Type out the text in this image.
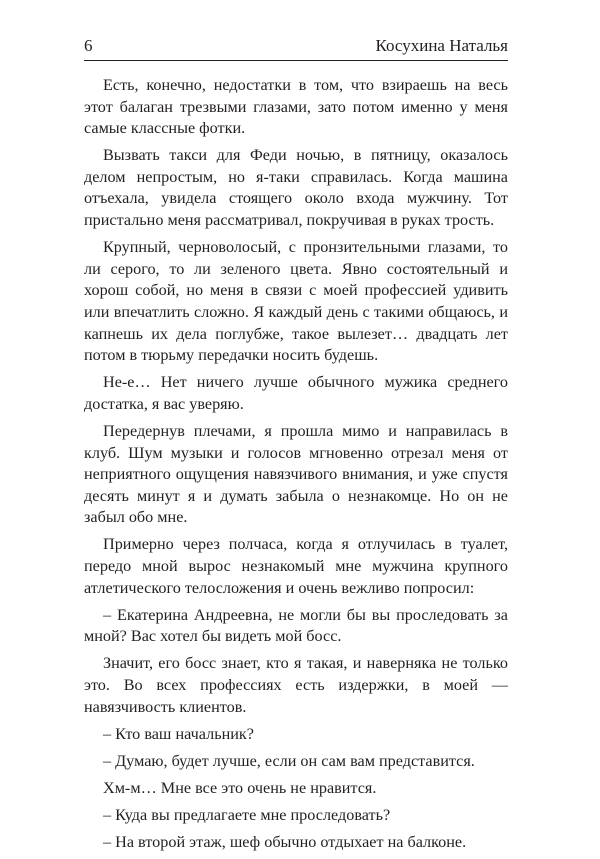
6	Косухина Наталья

Есть, конечно, недостатки в том, что взираешь на весь этот балаган трезвыми глазами, зато потом именно у меня самые классные фотки.

Вызвать такси для Феди ночью, в пятницу, оказалось делом непростым, но я-таки справилась. Когда машина отъехала, увидела стоящего около входа мужчину. Тот пристально меня рассматривал, покручивая в руках трость.

Крупный, черноволосый, с пронзительными глазами, то ли серого, то ли зеленого цвета. Явно состоятельный и хорош собой, но меня в связи с моей профессией удивить или впечатлить сложно. Я каждый день с такими общаюсь, и капнешь их дела поглубже, такое вылезет… двадцать лет потом в тюрьму передачки носить будешь.

Не-е… Нет ничего лучше обычного мужика среднего достатка, я вас уверяю.

Передернув плечами, я прошла мимо и направилась в клуб. Шум музыки и голосов мгновенно отрезал меня от неприятного ощущения навязчивого внимания, и уже спустя десять минут я и думать забыла о незнакомце. Но он не забыл обо мне.

Примерно через полчаса, когда я отлучилась в туалет, передо мной вырос незнакомый мне мужчина крупного атлетического телосложения и очень вежливо попросил:

– Екатерина Андреевна, не могли бы вы проследовать за мной? Вас хотел бы видеть мой босс.

Значит, его босс знает, кто я такая, и наверняка не только это. Во всех профессиях есть издержки, в моей — навязчивость клиентов.

– Кто ваш начальник?

– Думаю, будет лучше, если он сам вам представится.

Хм-м… Мне все это очень не нравится.

– Куда вы предлагаете мне проследовать?

– На второй этаж, шеф обычно отдыхает на балконе.
